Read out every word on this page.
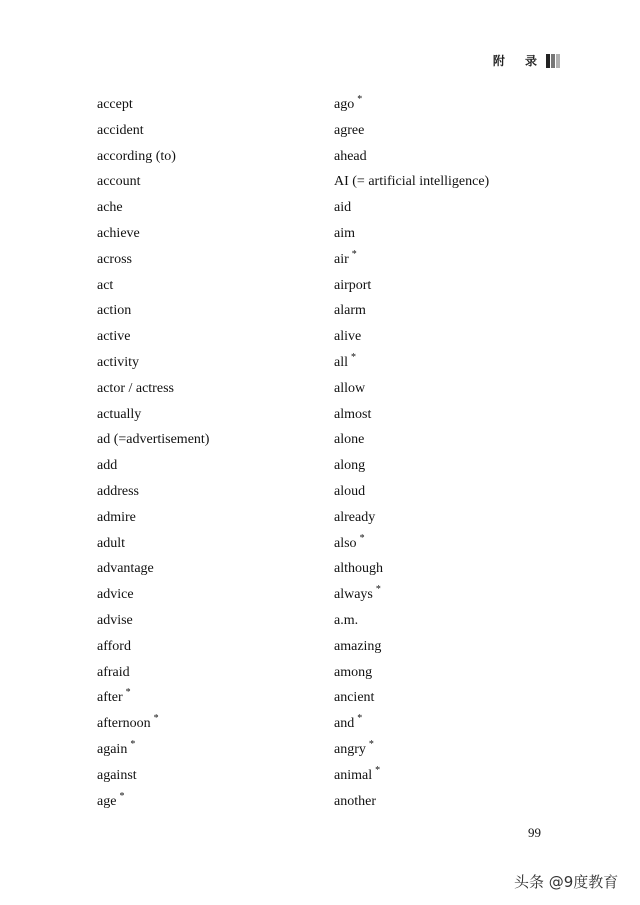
附 录
accept
accident
according (to)
account
ache
achieve
across
act
action
active
activity
actor / actress
actually
ad (=advertisement)
add
address
admire
adult
advantage
advice
advise
afford
afraid
after *
afternoon *
again *
against
age *
ago *
agree
ahead
AI (= artificial intelligence)
aid
aim
air *
airport
alarm
alive
all *
allow
almost
alone
along
aloud
already
also *
although
always *
a.m.
amazing
among
ancient
and *
angry *
animal *
another
99
头条 @9度教育
